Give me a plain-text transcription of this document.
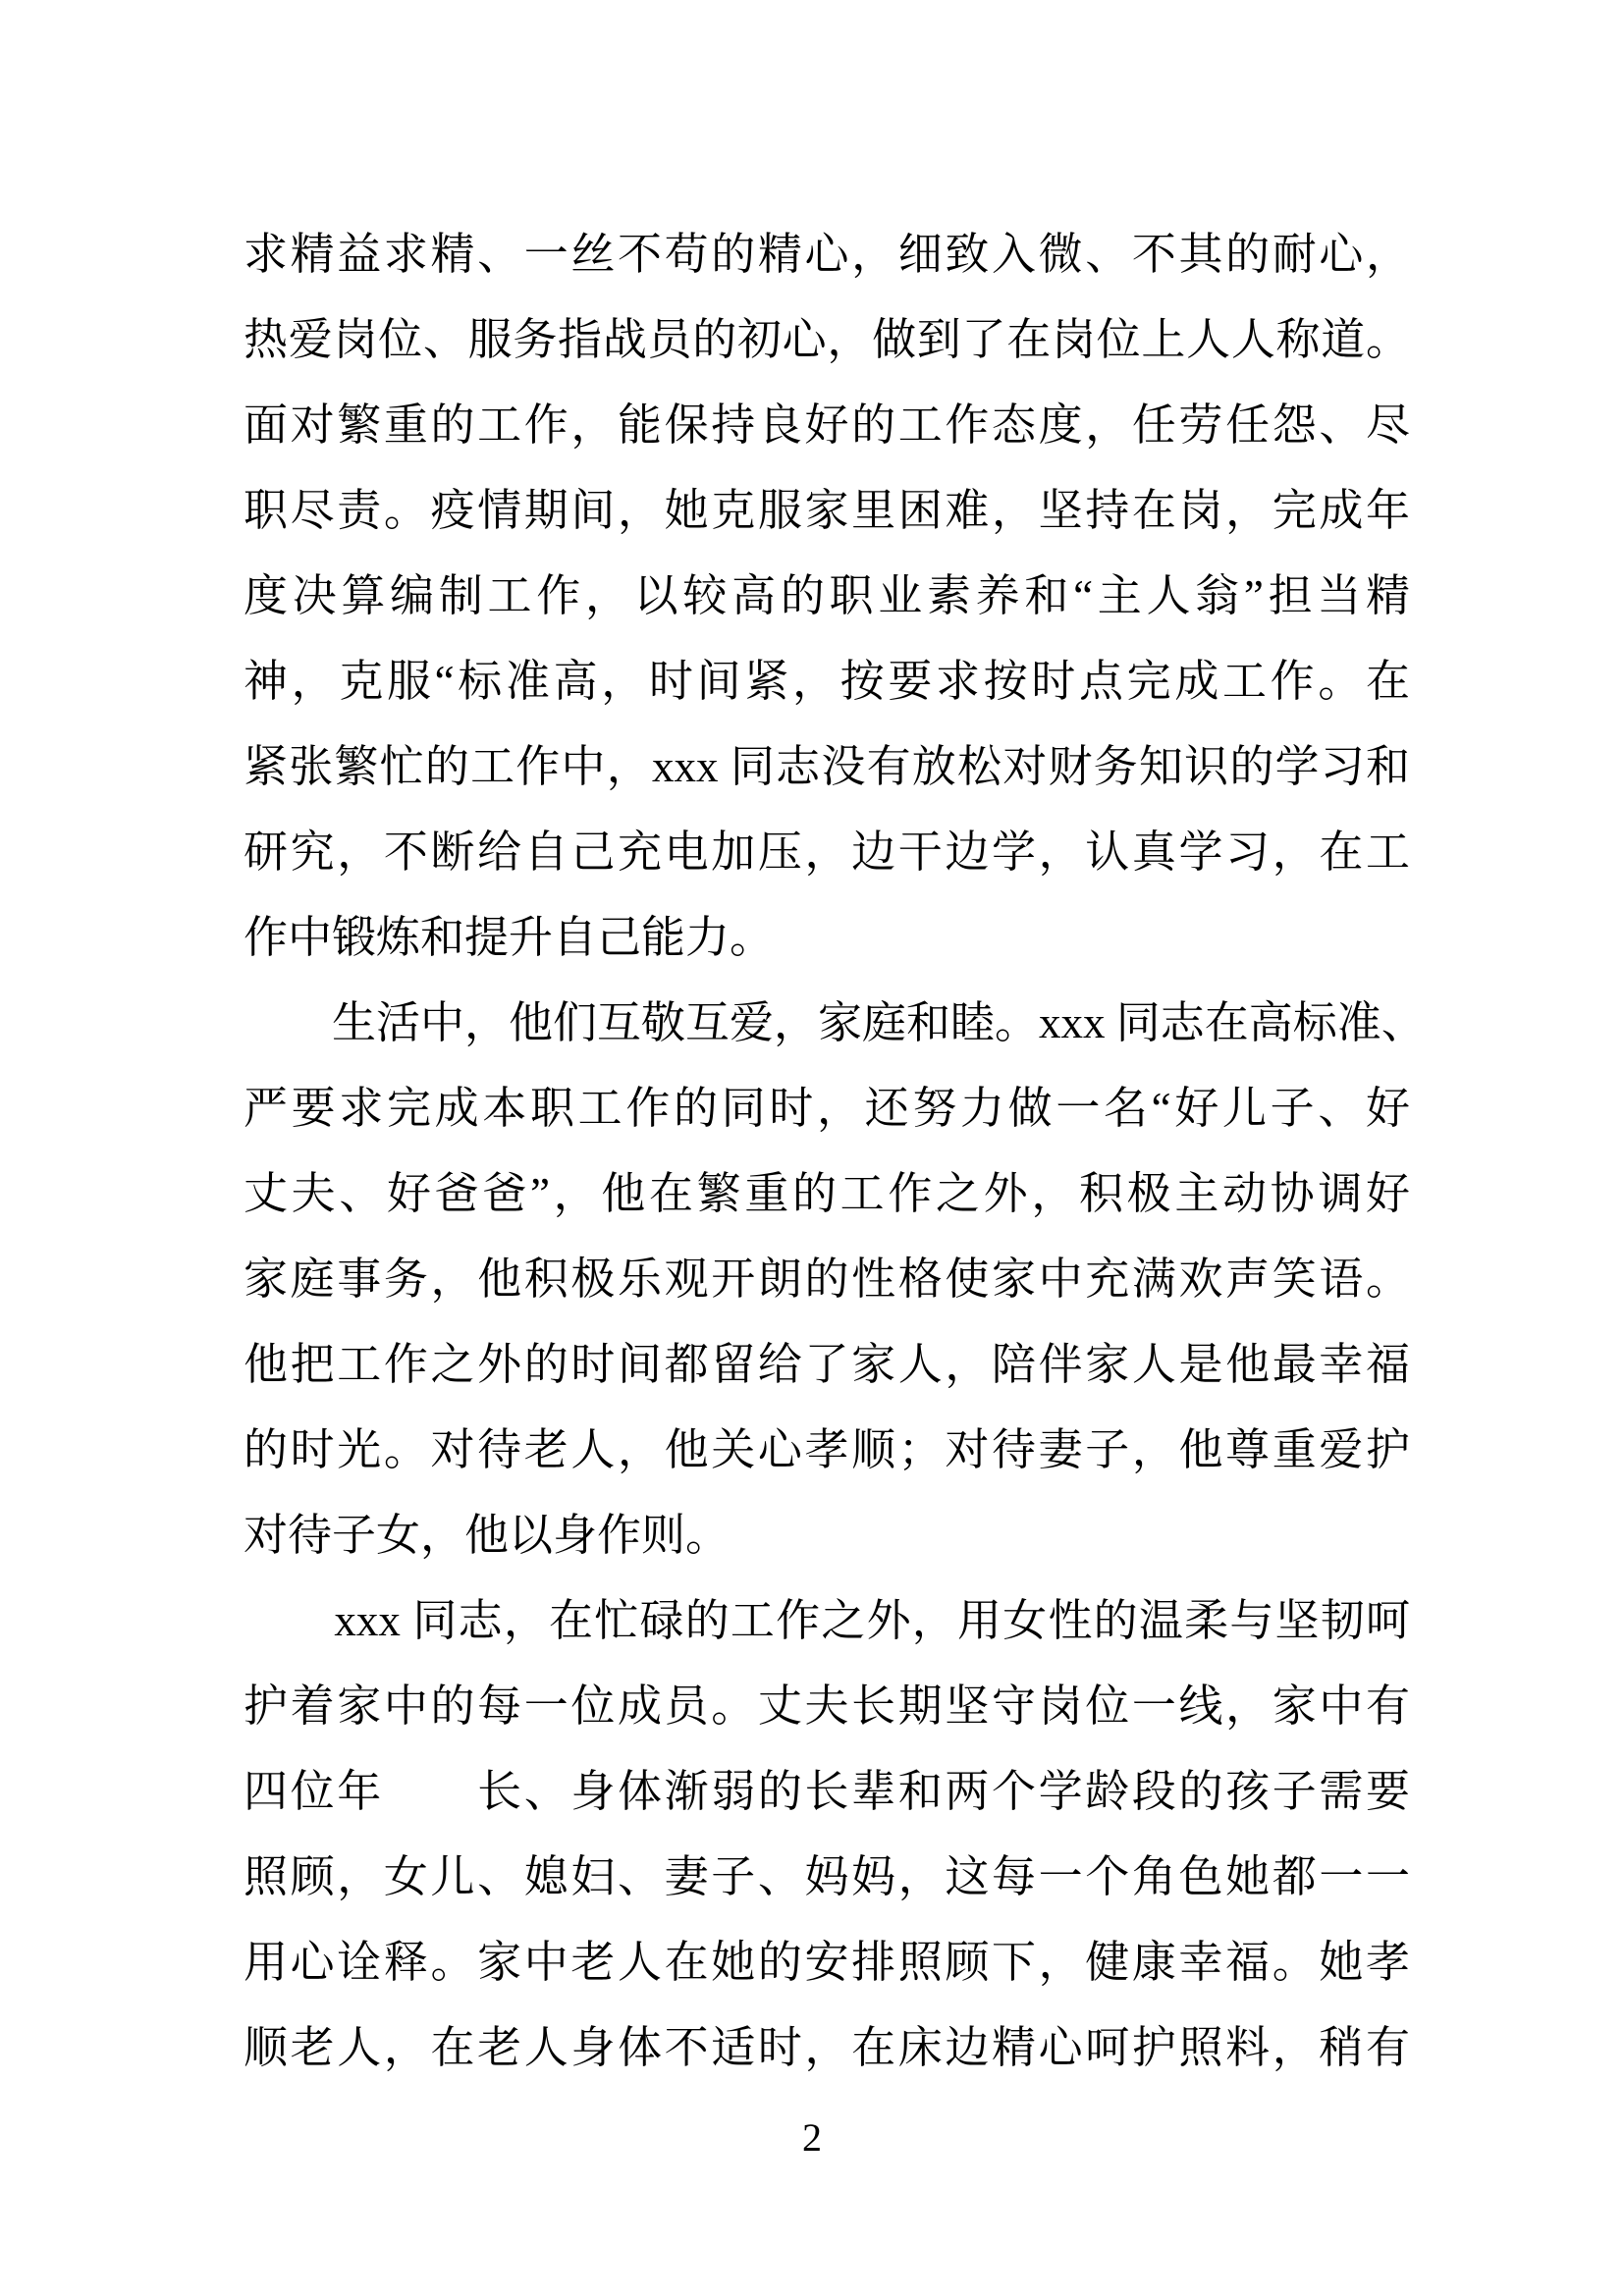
求精益求精、一丝不苟的精心，细致入微、不其的耐心，
热爱岗位、服务指战员的初心，做到了在岗位上人人称道。
面对繁重的工作，能保持良好的工作态度，任劳任怨、尽
职尽责。疫情期间，她克服家里困难，坚持在岗，完成年
度决算编制工作，以较高的职业素养和“主人翁”担当精
神，克服“标准高，时间紧，按要求按时点完成工作。在
紧张繁忙的工作中，xxx 同志没有放松对财务知识的学习和
研究，不断给自己充电加压，边干边学，认真学习，在工
作中锻炼和提升自己能力。
　　生活中，他们互敬互爱，家庭和睦。xxx 同志在高标准、
严要求完成本职工作的同时，还努力做一名“好儿子、好
丈夫、好爸爸”，他在繁重的工作之外，积极主动协调好
家庭事务，他积极乐观开朗的性格使家中充满欢声笑语。
他把工作之外的时间都留给了家人，陪伴家人是他最幸福
的时光。对待老人，他关心孝顺；对待妻子，他尊重爱护
对待子女，他以身作则。
　　xxx 同志，在忙碌的工作之外，用女性的温柔与坚韧呵
护着家中的每一位成员。丈夫长期坚守岗位一线，家中有
四位年　　长、身体渐弱的长辈和两个学龄段的孩子需要
照顾，女儿、媳妇、妻子、妈妈，这每一个角色她都一一
用心诠释。家中老人在她的安排照顾下，健康幸福。她孝
顺老人，在老人身体不适时，在床边精心呵护照料，稍有
2
